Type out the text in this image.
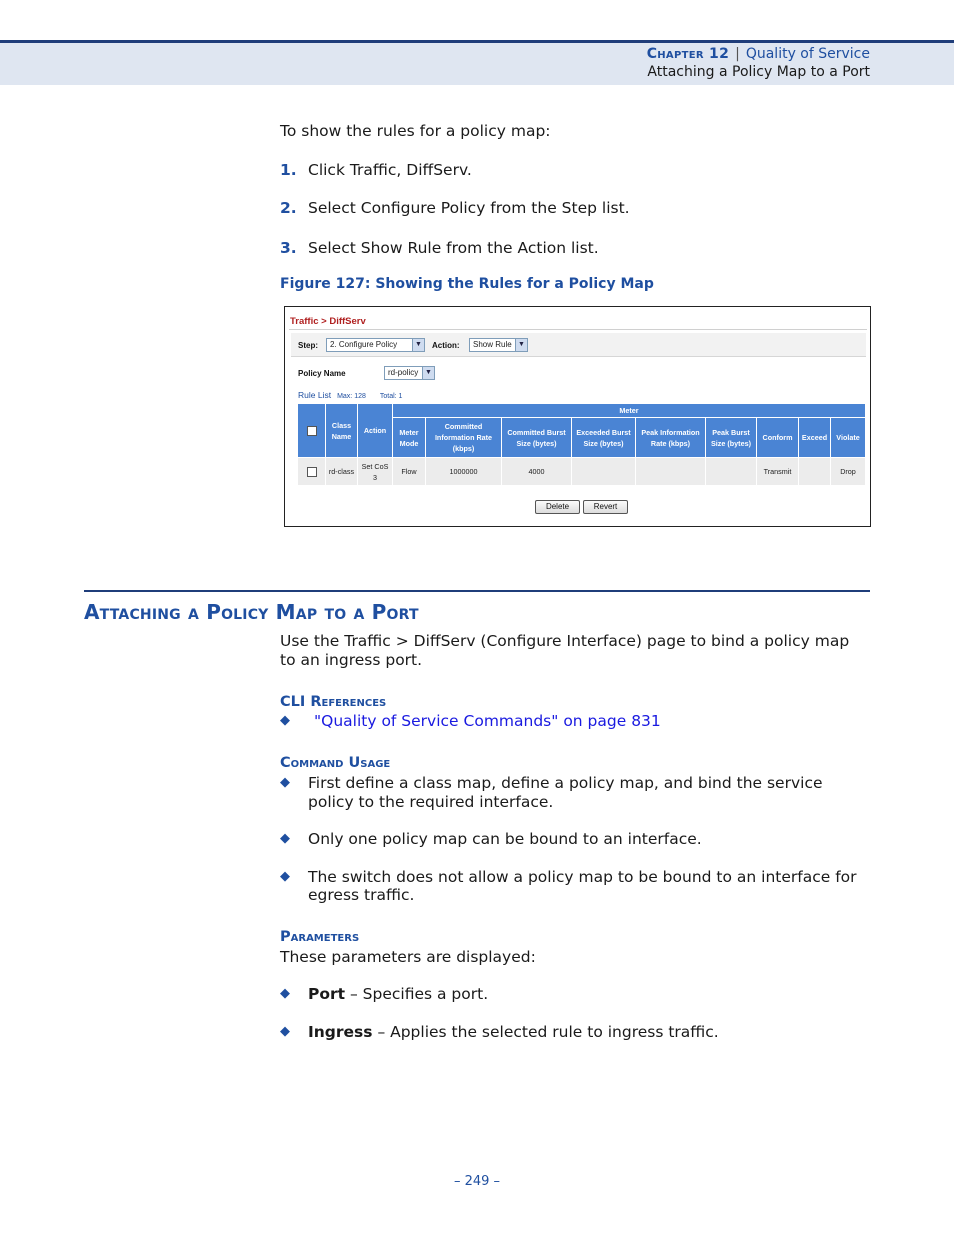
Chapter 12 | Quality of Service
Attaching a Policy Map to a Port
To show the rules for a policy map:
1. Click Traffic, DiffServ.
2. Select Configure Policy from the Step list.
3. Select Show Rule from the Action list.
Figure 127: Showing the Rules for a Policy Map
Traffic > DiffServ
Step:	2. Configure Policy	▼ Action:	Show Rule ▼
Policy Name	rd-policy ▼
Rule List Max: 128 Total: 1
	Class Name	Action	Meter								
			Meter Mode	Committed Information Rate (kbps)	Committed Burst Size (bytes)	Exceeded Burst Size (bytes)	Peak Information Rate (kbps)	Peak Burst Size (bytes)	Conform	Exceed	Violate
	rd-class	Set CoS 3	Flow	1000000	4000				Transmit		Drop
Delete	Revert
Attaching a Policy Map to a Port
Use the Traffic > DiffServ (Configure Interface) page to bind a policy map
to an ingress port.
CLI References
◆ "Quality of Service Commands" on page 831
Command Usage
◆ First define a class map, define a policy map, and bind the service
policy to the required interface.
◆ Only one policy map can be bound to an interface.
◆ The switch does not allow a policy map to be bound to an interface for
egress traffic.
Parameters
These parameters are displayed:
◆ Port – Specifies a port.
◆ Ingress – Applies the selected rule to ingress traffic.
– 249 –
